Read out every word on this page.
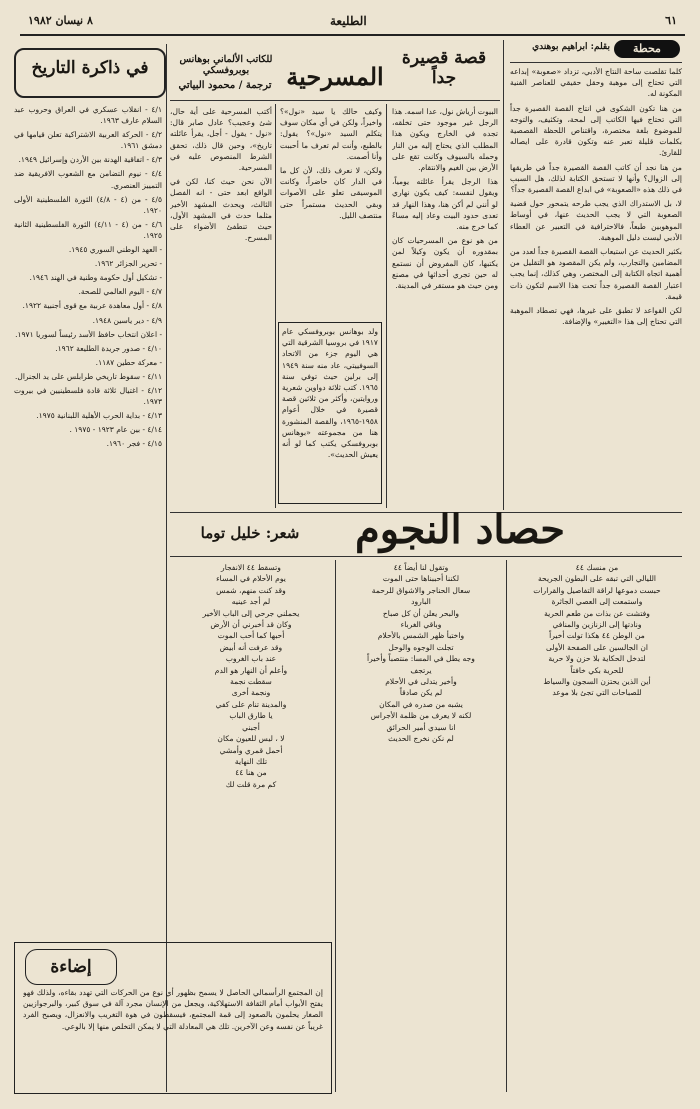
٦١
الطليعة
٨ نيسان ١٩٨٢
محطة
بقلم: ابراهيم بوهندي

كلما تقلصت ساحة النتاج الأدبي، تزداد «صعوبة» إبداعه التي تحتاج إلى موهبة وحقل حقيقي للعناصر الفنية المكونة له.

من هنا تكون الشكوى في انتاج القصة القصيرة جداً التي تحتاج فيها الكاتب إلى لمحة، وتكثيف، والتوجه للموضوع بلغة مختصرة، واقتناص اللحظة القصصية بكلمات قليلة تعبر عنه وتكون قادرة على ايصاله للقارئ.

من هنا نجد أن كاتب القصة القصيرة جداً في طريقها إلى الزوال؟ وأنها لا تستحق الكتابة لذلك، هل السبب في ذلك هذه «الصعوبة» في ابداع القصة القصيرة جداً؟

لا، بل الاستدراك الذي يجب طرحه يتمحور حول قضية الصعوبة التي لا يجب الحديث عنها، في أوساط الموهوبين طبعاً، فالاحترافية في التعبير عن العطاء الأدبي ليست دليل الموهبة.

بكثير الحديث عن استيعاب القصة القصيرة جداً لعدد من المضامين والتجارب، ولم يكن المقصود هو التقليل من أهمية اتجاه الكتابة إلى المختصر، وهي كذلك، إنما يجب اعتبار القصة القصيرة جداً تحت هذا الاسم لتكون ذات قيمة.

لكن القواعد لا تطبق على غيرها، فهي تصطاد الموهبة التي تحتاج إلى هذا «التغيير» والإضافة.

قصة قصيرة جداً
المسرحية
للكاتب الألماني بوهانس بوبروفسكي
ترجمة / محمود البياتي

البيوت أرياش نول، عدا اسمه. هذا الرجل غير موجود حتى تخلقه، تجده في الخارج ويكون هذا المطلب الذي يحتاج إليه من النار وحمله بالسيوف وكانت تقع على الأرض بين الغيم والانتقام.

هذا الرجل يقرأ عائلته يومياً، ويقول لنفسه: كيف يكون نهاري لو أنني لم أكن هنا، وهذا النهار قد تعدى حدود البيت وعاد إليه مساءً كما خرج منه.

من هو نوع من المسرحيات كان بمقدوره أن يكون وكيلاً لمن يكتبها، كان المفروض أن نستمع له حين تجري أحداثها في مصنع ومن حيث هو مستقر في المدينة.

وكيف حالك يا سيد «نول»؟ واخيراً، ولكن في أي مكان سوف يتكلم السيد «نول»؟ يقول: بالطبع، وأنت لم تعرف ما أحببت وأنا أصمت.

ولكن، لا نعرف ذلك، لأن كل ما في الدار كان حاضراً، وكانت الموسيقى تعلو على الأصوات وبقي الحديث مستمراً حتى منتصف الليل.

أكتب المسرحية على أية حال، شئ وعجيب؟ عادل صابر قال: «نول - يقول - أجل، يقرأ عائلته تاريخ»، وحين قال ذلك، تحقق الشرط المنصوص عليه في المسرحية.

الآن نحن حيث كنا، لكن في الواقع ابعد حتى - انه الفصل الثالث، ويحدث المشهد الأخير مثلما حدث في المشهد الأول، حيث تنطفئ الأضواء على المسرح.

ولد بوهانس بوبروفسكي عام ١٩١٧ في بروسيا الشرقية التي هي اليوم جزء من الاتحاد السوفييتي، عاد منه سنة ١٩٤٩ إلى برلين حيث توفي سنة ١٩٦٥. كتب ثلاثة دواوين شعرية وروايتين، وأكثر من ثلاثين قصة قصيرة في خلال أعوام ١٩٥٨-١٩٦٥، والقصة المنشورة هنا من مجموعته «بوهانس بوبروفسكي يكتب كما لو أنه يعيش الحديث».

في ذاكرة التاريخ

٤/١ - انقلاب عسكري في العراق وحروب عبد السلام عارف ١٩٦٣.

٤/٢ - الحركة العربية الاشتراكية تعلن قيامها في دمشق ١٩٦١.

٤/٣ - اتفاقية الهدنة بين الأردن وإسرائيل ١٩٤٩.

٤/٤ - نيوم التضامن مع الشعوب الافريقية ضد التمييز العنصري.

٤/٥ - من (٤ - ٤/٨) الثورة الفلسطينية الأولى ١٩٢٠.

٤/٦ - من (٤ - ٤/١١) الثورة الفلسطينية الثانية ١٩٢٥.

- العهد الوطني السوري ١٩٤٥.

- تحرير الجزائر ١٩٦٢.

- تشكيل أول حكومة وطنية في الهند ١٩٤٦.

٤/٧ - اليوم العالمي للصحة.

٤/٨ - أول معاهدة عربية مع قوى أجنبية ١٩٢٢.

٤/٩ - دير ياسين ١٩٤٨.

- اعلان انتخاب حافظ الأسد رئيساً لسوريا ١٩٧١.

٤/١٠ - صدور جريدة الطليعة ١٩٦٢.

- معركة حطين ١١٨٧.

٤/١١ - سقوط تاريخي طرابلس على يد الجنرال.

٤/١٢ - اغتيال ثلاثة قادة فلسطينيين في بيروت ١٩٧٣.

٤/١٣ - بداية الحرب الأهلية اللبنانية ١٩٧٥.

٤/١٤ - بين عام ١٩٢٣ - ١٩٧٥ .

٤/١٥ - فجر ١٩٦٠.

حصاد النجوم
شعر: خليل توما
من منسك ٤٤
الليالي التي تبقه على البطون الجريحة
حبست دموعها لراقة التفاصيل والقرارات
واستمعت إلى العصي الجاثرة
وفتشت عن بذات من طعم الحرية
ونادتها إلى الزنازين والمنافي
من الوطن ٤٤ هكذا تولت أخيراً
ان الجالسين على الصفحة الأولى
لتدخل الحكاية بلا حزن ولا حرية
للحرية بكي خافتاً
أين الذين يحتزن السجون والسياط
للصباحات التي تجئ بلا موعد
وتقول لنا أيضاً ٤٤
لكننا أحببناها حتى الموت
سعال الحناجر والاشواق للرحمة
البارود
والبحر يعلن أن كل صباح
وباقي الغرباء
واختبأ ظهر الشمس بالأحلام
تجلت الوجوه والوحل
وجه يطل في المسا: منتصباً وأخيراً
يرتجف
وأخير يتدلى في الأحلام
لم يكن صادقاً
يشبه من صدره في المكان
لكنه لا يعرف من ظلمة الأجراس
انا سيدي أمير الحرائق
لم نكن نخرج الحديث
وتسقط ٤٤ الانفجار
يوم الأحلام في المساء
وقد كنت منهم، شمس
لم أجد عينيه
يحملني جرحي إلى الباب الأخير
وكان قد أخبرني أن الأرض
أحبها كما أحب الموت
وقد عرفت أنه أبيض
عند باب الغروب
وأعلم أن النهار هو الدم
سقطت نجمة
ونجمة أخرى
والمدينة تنام على كفي
يا طارق الباب
أجبني
لا ، ليس للعيون مكان
أحمل قمري وأمشي
تلك النهاية
من هنا ٤٤
كم مرة قلت لك
إضاءة
إن المجتمع الرأسمالي الحاصل لا يسمح بظهور أي نوع من الحركات التي تهدد بقاءه، ولذلك فهو يفتح الأبواب أمام الثقافة الاستهلاكية، ويجعل من الإنسان مجرد آلة في سوق كبير، والبرجوازيين الصغار يحلمون بالصعود إلى قمة المجتمع، فيسقطون في هوة التغريب والانعزال، ويصبح الفرد غريباً عن نفسه وعن الآخرين. تلك هي المعادلة التي لا يمكن التخلص منها إلا بالوعي.
